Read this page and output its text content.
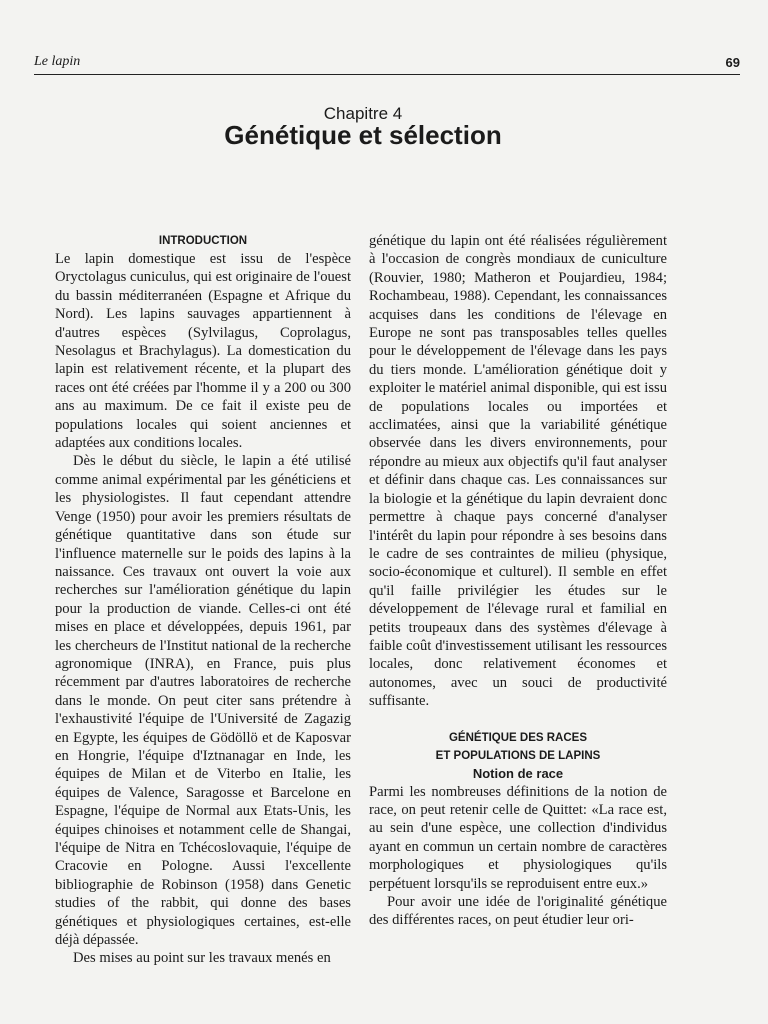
Le lapin	69
Chapitre 4
Génétique et sélection
INTRODUCTION

Le lapin domestique est issu de l'espèce Oryctolagus cuniculus, qui est originaire de l'ouest du bassin méditerranéen (Espagne et Afrique du Nord). Les lapins sauvages appartiennent à d'autres espèces (Sylvilagus, Coprolagus, Nesolagus et Brachylagus). La domestication du lapin est relativement récente, et la plupart des races ont été créées par l'homme il y a 200 ou 300 ans au maximum. De ce fait il existe peu de populations locales qui soient anciennes et adaptées aux conditions locales.

Dès le début du siècle, le lapin a été utilisé comme animal expérimental par les généticiens et les physiologistes. Il faut cependant attendre Venge (1950) pour avoir les premiers résultats de génétique quantitative dans son étude sur l'influence maternelle sur le poids des lapins à la naissance. Ces travaux ont ouvert la voie aux recherches sur l'amélioration génétique du lapin pour la production de viande. Celles-ci ont été mises en place et développées, depuis 1961, par les chercheurs de l'Institut national de la recherche agronomique (INRA), en France, puis plus récemment par d'autres laboratoires de recherche dans le monde. On peut citer sans prétendre à l'exhaustivité l'équipe de l'Université de Zagazig en Egypte, les équipes de Gödöllö et de Kaposvar en Hongrie, l'équipe d'Iztnanagar en Inde, les équipes de Milan et de Viterbo en Italie, les équipes de Valence, Saragosse et Barcelone en Espagne, l'équipe de Normal aux Etats-Unis, les équipes chinoises et notamment celle de Shangai, l'équipe de Nitra en Tchécoslovaquie, l'équipe de Cracovie en Pologne. Aussi l'excellente bibliographie de Robinson (1958) dans Genetic studies of the rabbit, qui donne des bases génétiques et physiologiques certaines, est-elle déjà dépassée.

Des mises au point sur les travaux menés en

génétique du lapin ont été réalisées régulièrement à l'occasion de congrès mondiaux de cuniculture (Rouvier, 1980; Matheron et Poujardieu, 1984; Rochambeau, 1988). Cependant, les connaissances acquises dans les conditions de l'élevage en Europe ne sont pas transposables telles quelles pour le développement de l'élevage dans les pays du tiers monde. L'amélioration génétique doit y exploiter le matériel animal disponible, qui est issu de populations locales ou importées et acclimatées, ainsi que la variabilité génétique observée dans les divers environnements, pour répondre au mieux aux objectifs qu'il faut analyser et définir dans chaque cas. Les connaissances sur la biologie et la génétique du lapin devraient donc permettre à chaque pays concerné d'analyser l'intérêt du lapin pour répondre à ses besoins dans le cadre de ses contraintes de milieu (physique, socio-économique et culturel). Il semble en effet qu'il faille privilégier les études sur le développement de l'élevage rural et familial en petits troupeaux dans des systèmes d'élevage à faible coût d'investissement utilisant les ressources locales, donc relativement économes et autonomes, avec un souci de productivité suffisante.

GÉNÉTIQUE DES RACES
ET POPULATIONS DE LAPINS
Notion de race

Parmi les nombreuses définitions de la notion de race, on peut retenir celle de Quittet: «La race est, au sein d'une espèce, une collection d'individus ayant en commun un certain nombre de caractères morphologiques et physiologiques qu'ils perpétuent lorsqu'ils se reproduisent entre eux.»

Pour avoir une idée de l'originalité génétique des différentes races, on peut étudier leur ori-
